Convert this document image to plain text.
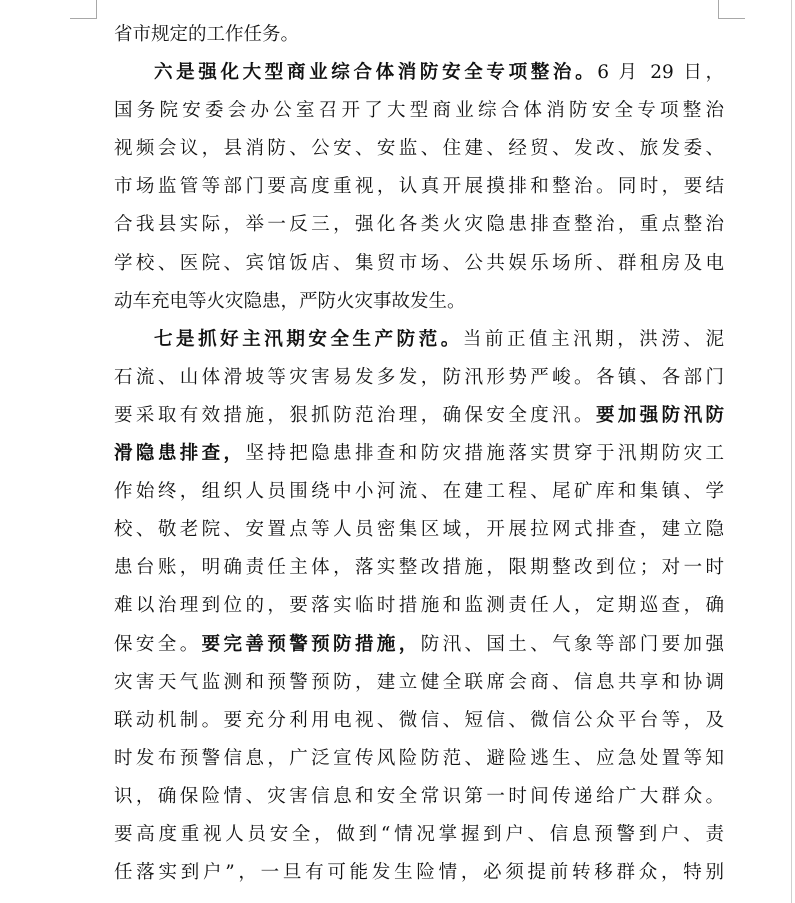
省市规定的工作任务。
六是强化大型商业综合体消防安全专项整治。6 月 29 日，
国务院安委会办公室召开了大型商业综合体消防安全专项整治
视频会议，县消防、公安、安监、住建、经贸、发改、旅发委、
市场监管等部门要高度重视，认真开展摸排和整治。同时，要结
合我县实际，举一反三，强化各类火灾隐患排查整治，重点整治
学校、医院、宾馆饭店、集贸市场、公共娱乐场所、群租房及电
动车充电等火灾隐患，严防火灾事故发生。
七是抓好主汛期安全生产防范。当前正值主汛期，洪涝、泥
石流、山体滑坡等灾害易发多发，防汛形势严峻。各镇、各部门
要采取有效措施，狠抓防范治理，确保安全度汛。要加强防汛防
滑隐患排查，坚持把隐患排查和防灾措施落实贯穿于汛期防灾工
作始终，组织人员围绕中小河流、在建工程、尾矿库和集镇、学
校、敬老院、安置点等人员密集区域，开展拉网式排查，建立隐
患台账，明确责任主体，落实整改措施，限期整改到位；对一时
难以治理到位的，要落实临时措施和监测责任人，定期巡查，确
保安全。要完善预警预防措施，防汛、国土、气象等部门要加强
灾害天气监测和预警预防，建立健全联席会商、信息共享和协调
联动机制。要充分利用电视、微信、短信、微信公众平台等，及
时发布预警信息，广泛宣传风险防范、避险逃生、应急处置等知
识，确保险情、灾害信息和安全常识第一时间传递给广大群众。
要高度重视人员安全，做到“情况掌握到户、信息预警到户、责
任落实到户”，一旦有可能发生险情，必须提前转移群众，特别
